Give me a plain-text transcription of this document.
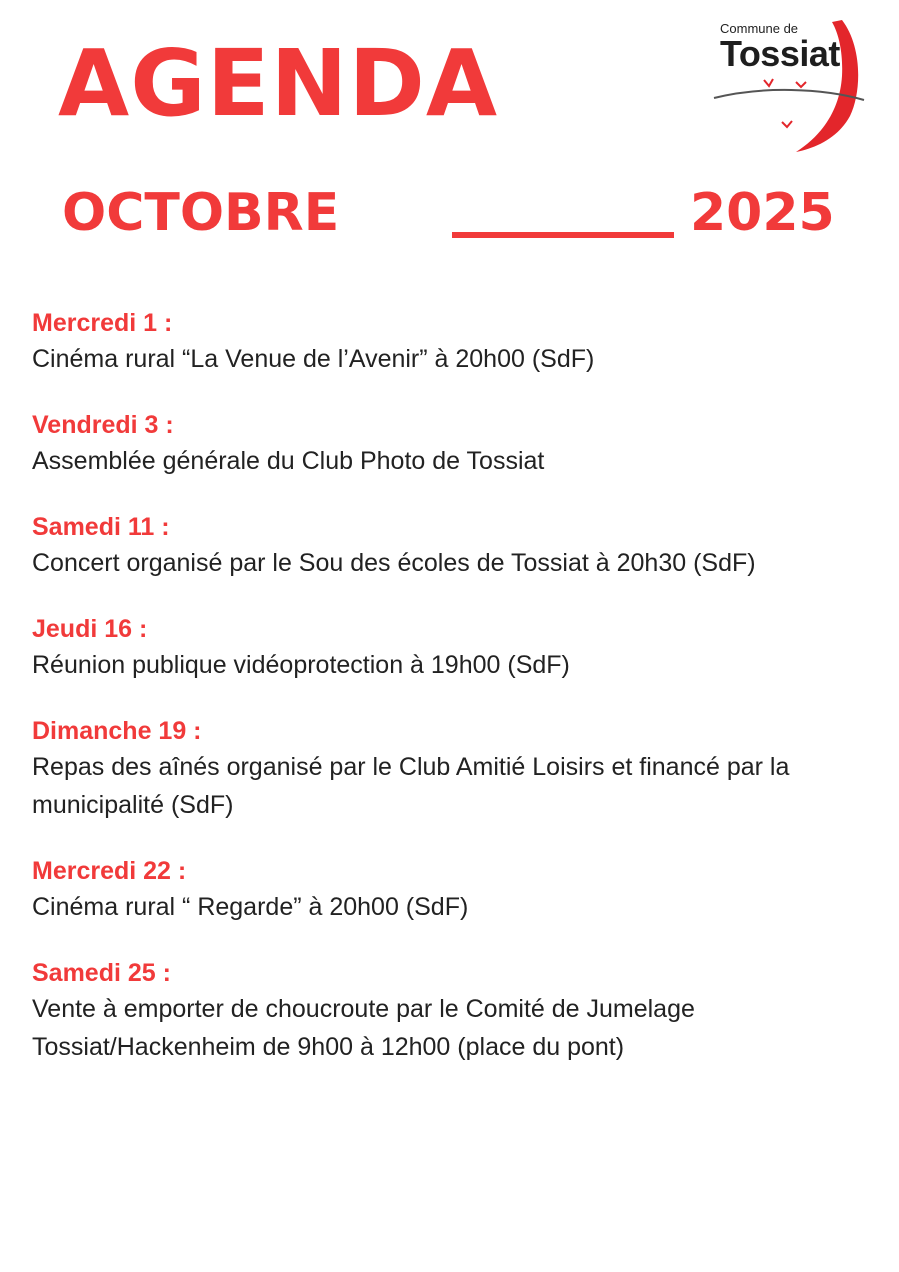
AGENDA
Commune de
Tossiat
OCTOBRE	2025
Mercredi 1 :
Cinéma rural “La Venue de l’Avenir” à 20h00 (SdF)
Vendredi 3 :
Assemblée générale du Club Photo de Tossiat
Samedi 11 :
Concert organisé par le Sou des écoles de Tossiat à 20h30 (SdF)
Jeudi 16 :
Réunion publique vidéoprotection à 19h00 (SdF)
Dimanche 19 :
Repas des aînés organisé par le Club Amitié Loisirs et financé par la municipalité (SdF)
Mercredi 22 :
Cinéma rural “ Regarde” à 20h00 (SdF)
Samedi 25 :
Vente à emporter de choucroute par le Comité de Jumelage Tossiat/Hackenheim de 9h00 à 12h00 (place du pont)
